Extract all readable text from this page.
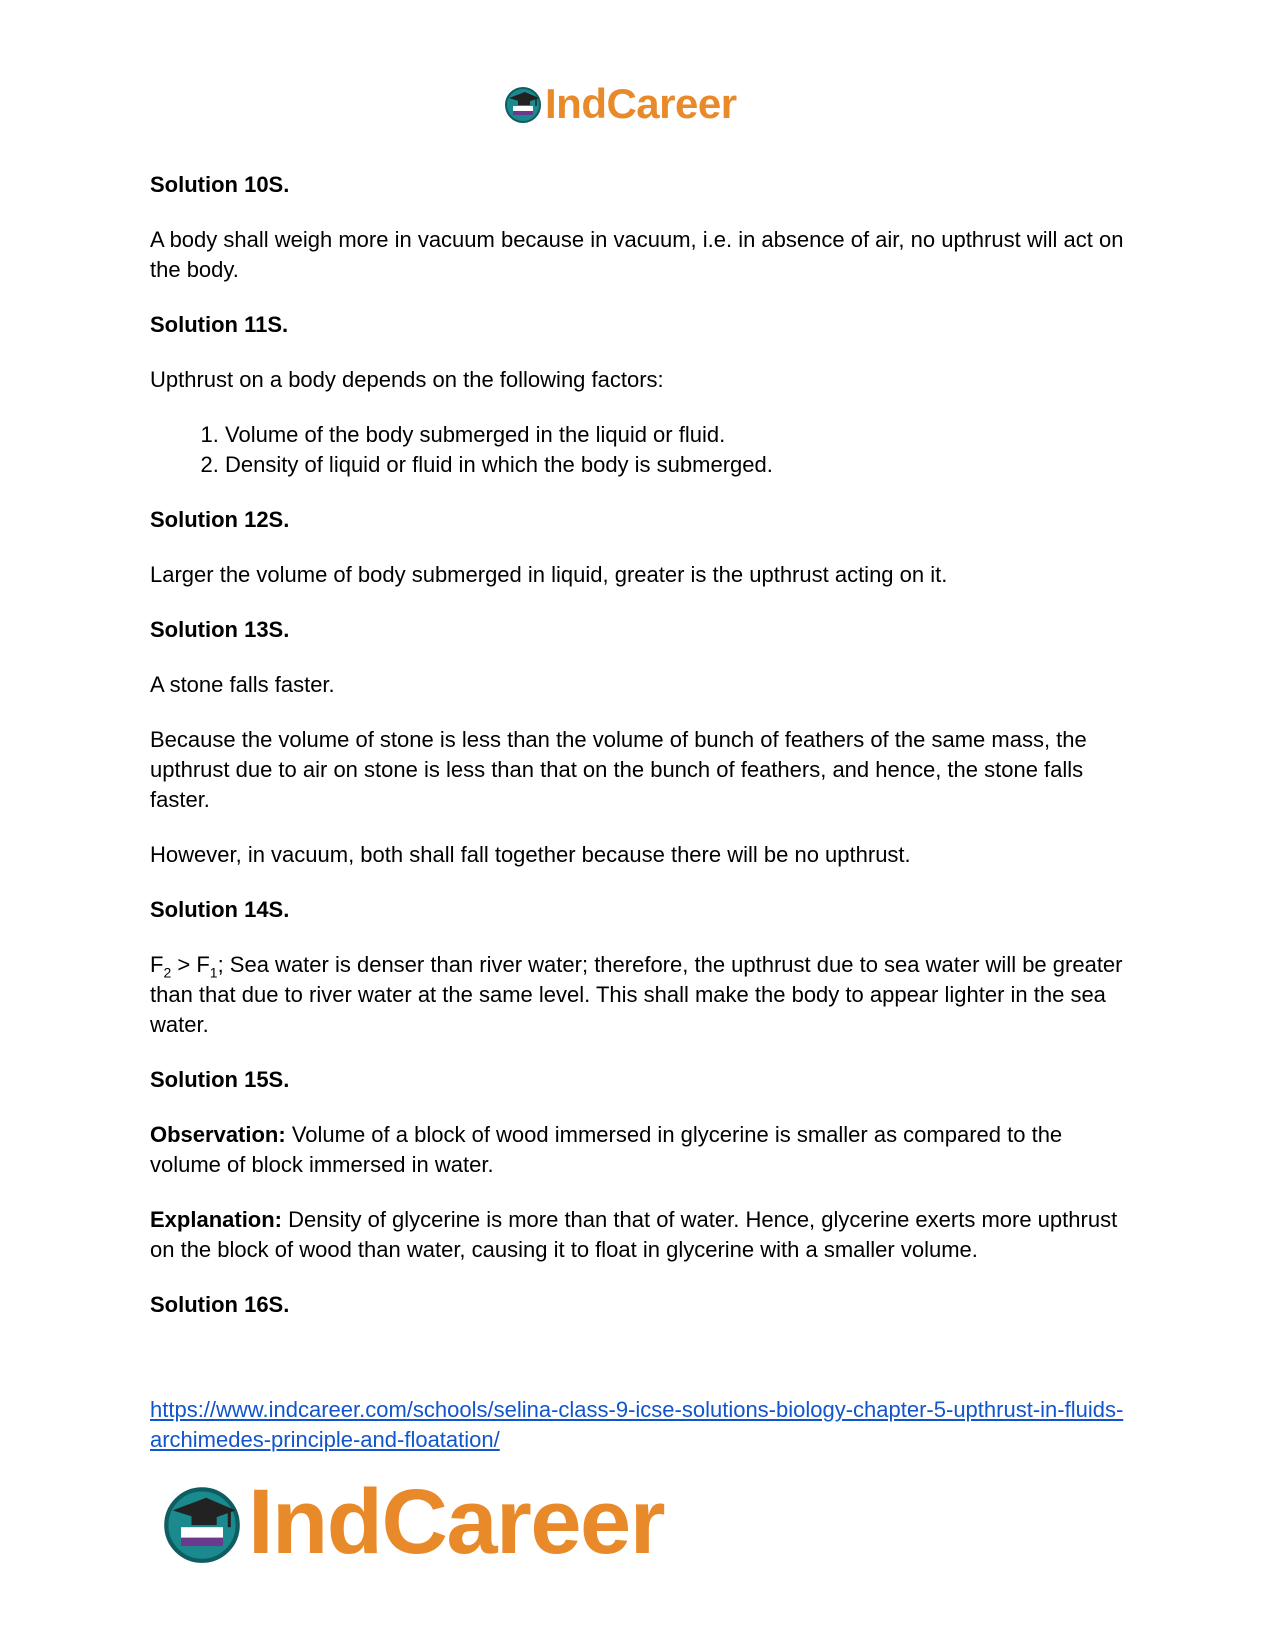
IndCareer

Solution 10S.

A body shall weigh more in vacuum because in vacuum, i.e. in absence of air, no upthrust will act on the body.

Solution 11S.

Upthrust on a body depends on the following factors:

1. Volume of the body submerged in the liquid or fluid.
2. Density of liquid or fluid in which the body is submerged.

Solution 12S.

Larger the volume of body submerged in liquid, greater is the upthrust acting on it.

Solution 13S.

A stone falls faster.

Because the volume of stone is less than the volume of bunch of feathers of the same mass, the upthrust due to air on stone is less than that on the bunch of feathers, and hence, the stone falls faster.

However, in vacuum, both shall fall together because there will be no upthrust.

Solution 14S.

$F_2 > F_1$; Sea water is denser than river water; therefore, the upthrust due to sea water will be greater than that due to river water at the same level. This shall make the body to appear lighter in the sea water.

Solution 15S.

Observation: Volume of a block of wood immersed in glycerine is smaller as compared to the volume of block immersed in water.

Explanation: Density of glycerine is more than that of water. Hence, glycerine exerts more upthrust on the block of wood than water, causing it to float in glycerine with a smaller volume.

Solution 16S.

https://www.indcareer.com/schools/selina-class-9-icse-solutions-biology-chapter-5-upthrust-in-fluids-archimedes-principle-and-floatation/
IndCareer
